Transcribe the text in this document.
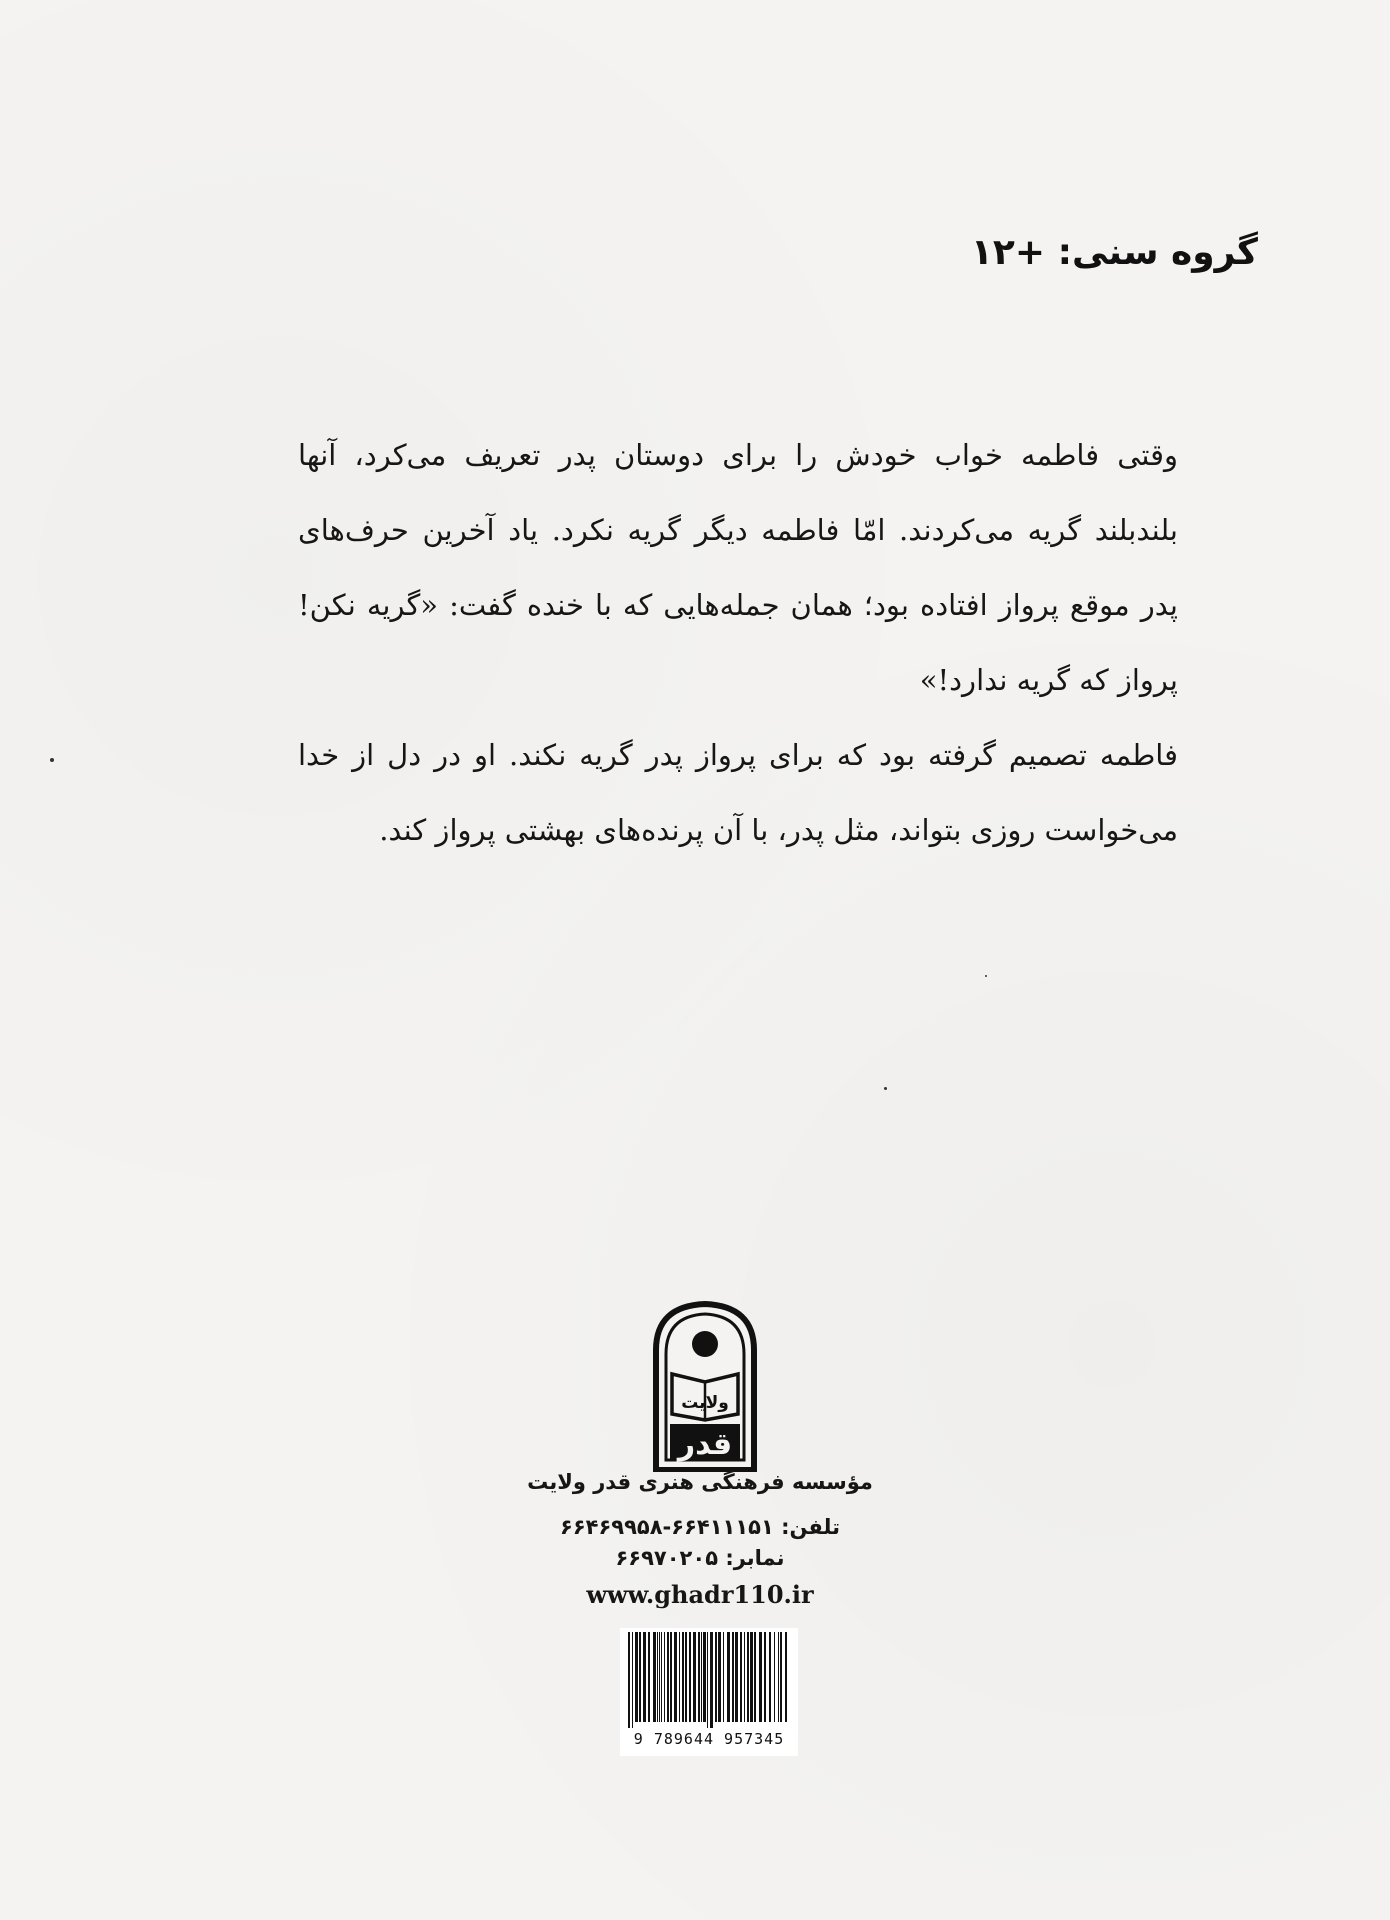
گروه سنی: ۱۲+

وقتی فاطمه خواب خودش را برای دوستان پدر تعریف می‌کرد، آنها بلندبلند گریه می‌کردند. امّا فاطمه دیگر گریه نکرد. یاد آخرین حرف‌های پدر موقع پرواز افتاده بود؛ همان جمله‌هایی که با خنده گفت: «گریه نکن! پرواز که گریه ندارد!»

فاطمه تصمیم گرفته بود که برای پرواز پدر گریه نکند. او در دل از خدا می‌خواست روزی بتواند، مثل پدر، با آن پرنده‌های بهشتی پرواز کند.

ولایت
قدر
مؤسسه فرهنگی هنری قدر ولایت
تلفن: ۶۶۴۱۱۱۵۱-۶۶۴۶۹۹۵۸
نمابر: ۶۶۹۷۰۲۰۵
www.ghadr110.ir
9 789644 957345
